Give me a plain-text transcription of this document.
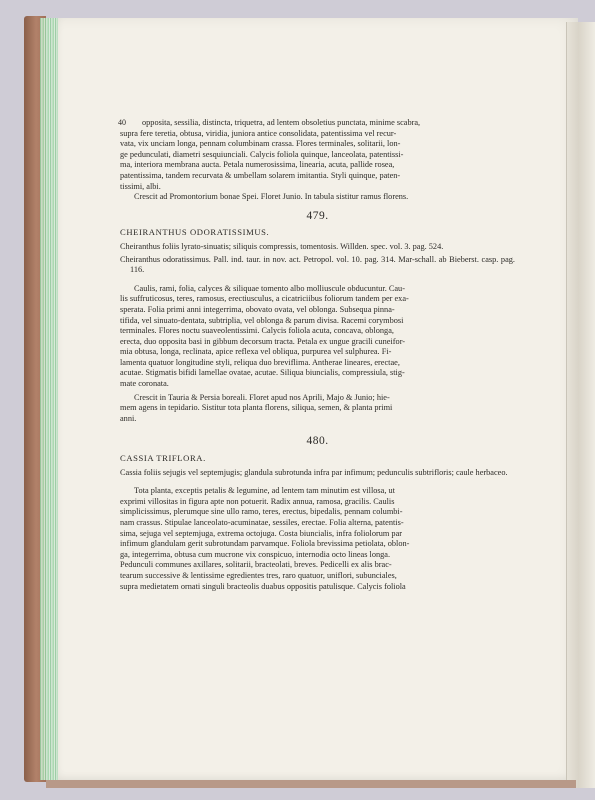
40 opposita, sessilia, distincta, triquetra, ad lentem obsoletius punctata, minime scabra,

supra fere teretia, obtusa, viridia, juniora antice consolidata, patentissima vel recur-

vata, vix unciam longa, pennam columbinam crassa. Flores terminales, solitarii, lon-

ge pedunculati, diametri sesquiunciali. Calycis foliola quinque, lanceolata, patentissi-

ma, interiora membrana aucta. Petala numerosissima, linearia, acuta, pallide rosea,

patentissima, tandem recurvata & umbellam solarem imitantia. Styli quinque, paten-

tissimi, albi.

Crescit ad Promontorium bonae Spei. Floret Junio. In tabula sistitur ramus florens.

479.
CHEIRANTHUS ODORATISSIMUS.

Cheiranthus foliis lyrato-sinuatis; siliquis compressis, tomentosis. Willden. spec. vol. 3. pag. 524.

Cheiranthus odoratissimus. Pall. ind. taur. in nov. act. Petropol. vol. 10. pag. 314. Mar-schall. ab Bieberst. casp. pag. 116.

Caulis, rami, folia, calyces & siliquae tomento albo molliuscule obducuntur. Cau-

lis suffruticosus, teres, ramosus, erectiusculus, a cicatriciibus foliorum tandem per exa-

sperata. Folia primi anni integerrima, obovato ovata, vel oblonga. Subsequa pinna-

tifida, vel sinuato-dentata, subtriplia, vel oblonga & parum divisa. Racemi corymbosi

terminales. Flores noctu suaveolentissimi. Calycis foliola acuta, concava, oblonga,

erecta, duo opposita basi in gibbum decorsum tracta. Petala ex ungue gracili cuneifor-

mia obtusa, longa, reclinata, apice reflexa vel obliqua, purpurea vel sulphurea. Fi-

lamenta quatuor longitudine styli, reliqua duo breviflima. Antherae lineares, erectae,

acutae. Stigmatis bifidi lamellae ovatae, acutae. Siliqua biuncialis, compressiula, stig-

mate coronata.

Crescit in Tauria & Persia boreali. Floret apud nos Aprili, Majo & Junio; hie-

mem agens in tepidario. Sistitur tota planta florens, siliqua, semen, & planta primi

anni.

480.
CASSIA TRIFLORA.

Cassia foliis sejugis vel septemjugis; glandula subrotunda infra par infimum; pedunculis subtrifloris; caule herbaceo.

Tota planta, exceptis petalis & legumine, ad lentem tam minutim est villosa, ut

exprimi villositas in figura apte non potuerit. Radix annua, ramosa, gracilis. Caulis

simplicissimus, plerumque sine ullo ramo, teres, erectus, bipedalis, pennam columbi-

nam crassus. Stipulae lanceolato-acuminatae, sessiles, erectae. Folia alterna, patentis-

sima, sejuga vel septemjuga, extrema octojuga. Costa biuncialis, infra foliolorum par

infimum glandulam gerit subrotundam parvamque. Foliola brevissima petiolata, oblon-

ga, integerrima, obtusa cum mucrone vix conspicuo, internodia octo lineas longa.

Pedunculi communes axillares, solitarii, bracteolati, breves. Pedicelli ex alis brac-

tearum successive & lentissime egredientes tres, raro quatuor, uniflori, subunciales,

supra medietatem ornati singuli bracteolis duabus oppositis patulisque. Calycis foliola
